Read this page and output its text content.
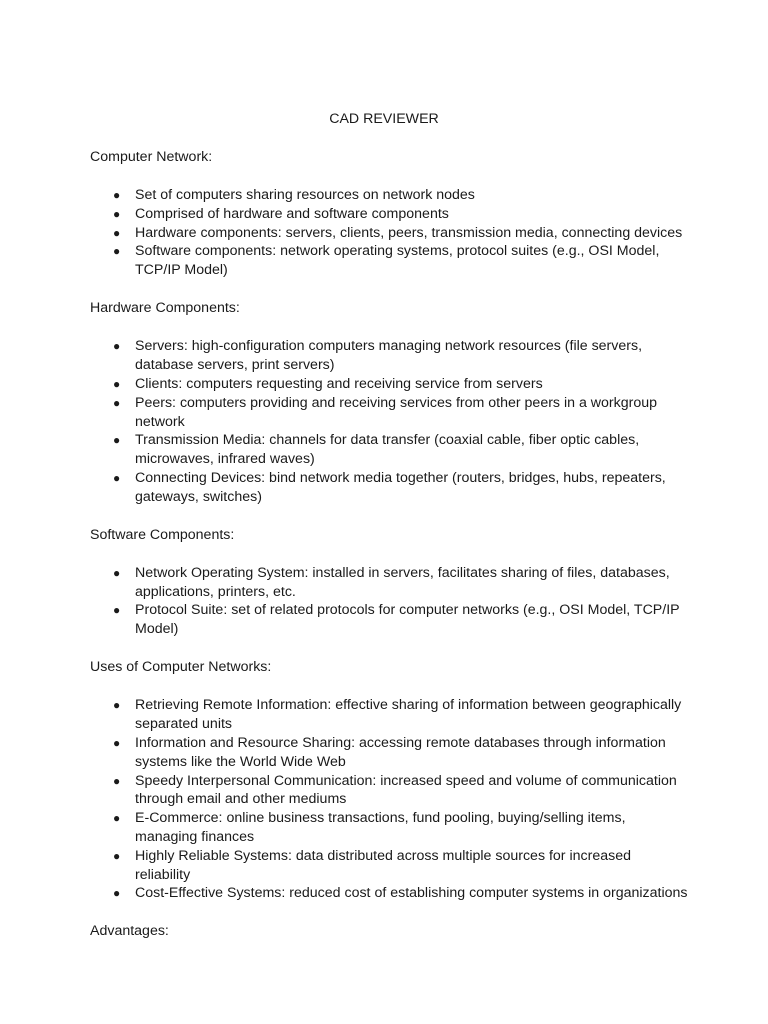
CAD REVIEWER
Computer Network:
● Set of computers sharing resources on network nodes
● Comprised of hardware and software components
● Hardware components: servers, clients, peers, transmission media, connecting devices
● Software components: network operating systems, protocol suites (e.g., OSI Model, TCP/IP Model)
Hardware Components:
● Servers: high-configuration computers managing network resources (file servers, database servers, print servers)
● Clients: computers requesting and receiving service from servers
● Peers: computers providing and receiving services from other peers in a workgroup network
● Transmission Media: channels for data transfer (coaxial cable, fiber optic cables, microwaves, infrared waves)
● Connecting Devices: bind network media together (routers, bridges, hubs, repeaters, gateways, switches)
Software Components:
● Network Operating System: installed in servers, facilitates sharing of files, databases, applications, printers, etc.
● Protocol Suite: set of related protocols for computer networks (e.g., OSI Model, TCP/IP Model)
Uses of Computer Networks:
● Retrieving Remote Information: effective sharing of information between geographically separated units
● Information and Resource Sharing: accessing remote databases through information systems like the World Wide Web
● Speedy Interpersonal Communication: increased speed and volume of communication through email and other mediums
● E-Commerce: online business transactions, fund pooling, buying/selling items, managing finances
● Highly Reliable Systems: data distributed across multiple sources for increased reliability
● Cost-Effective Systems: reduced cost of establishing computer systems in organizations
Advantages:
